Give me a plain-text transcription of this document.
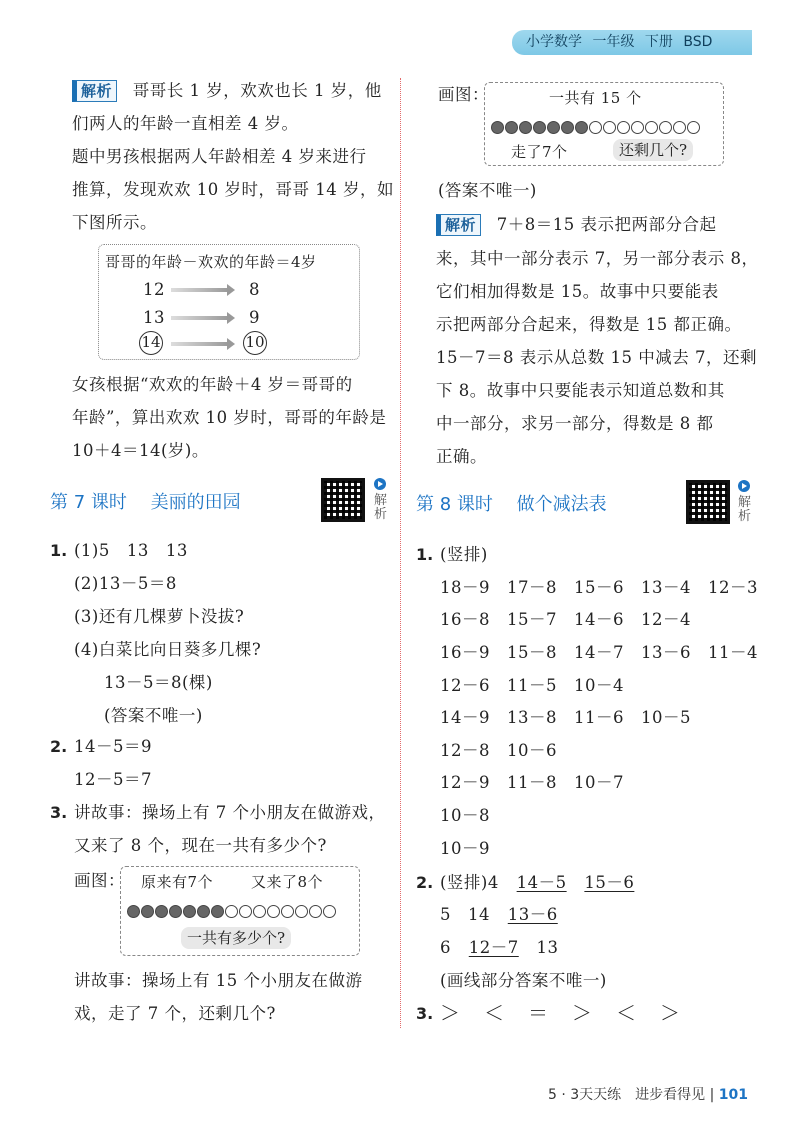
小学数学 一年级 下册 BSD
解析 哥哥长 1 岁，欢欢也长 1 岁，他
们两人的年龄一直相差 4 岁。
题中男孩根据两人年龄相差 4 岁来进行
推算，发现欢欢 10 岁时，哥哥 14 岁，如
下图所示。
哥哥的年龄－欢欢的年龄＝4岁
12	8
13	9
14	10
女孩根据“欢欢的年龄＋4 岁＝哥哥的
年龄”，算出欢欢 10 岁时，哥哥的年龄是
10＋4＝14(岁)。
第 7 课时 美丽的田园	解析
1. (1)5　13　13
(2)13－5＝8
(3)还有几棵萝卜没拔?
(4)白菜比向日葵多几棵?
13－5＝8(棵)
(答案不唯一)
2. 14－5＝9
12－5＝7
3. 讲故事：操场上有 7 个小朋友在做游戏，
又来了 8 个，现在一共有多少个?
画图： 原来有7个	又来了8个
一共有多少个?
讲故事：操场上有 15 个小朋友在做游
戏，走了 7 个，还剩几个?
画图：	一共有 15 个
走了7个	还剩几个?
(答案不唯一)
解析 7＋8＝15 表示把两部分合起
来，其中一部分表示 7，另一部分表示 8，
它们相加得数是 15。故事中只要能表
示把两部分合起来，得数是 15 都正确。
15－7＝8 表示从总数 15 中减去 7，还剩
下 8。故事中只要能表示知道总数和其
中一部分，求另一部分，得数是 8 都
正确。
第 8 课时 做个减法表	解析
1. (竖排)
18－9　17－8　15－6　13－4　12－3
16－8　15－7　14－6　12－4
16－9　15－8　14－7　13－6　11－4
12－6　11－5　10－4
14－9　13－8　11－6　10－5
12－8　10－6
12－9　11－8　10－7
10－8
10－9
2. (竖排)4 14－5 15－6
5　14 13－6
6 12－7 13
(画线部分答案不唯一)
3. ＞　＜　＝　＞　＜　＞
5 · 3天天练　进步看得见 | 101
